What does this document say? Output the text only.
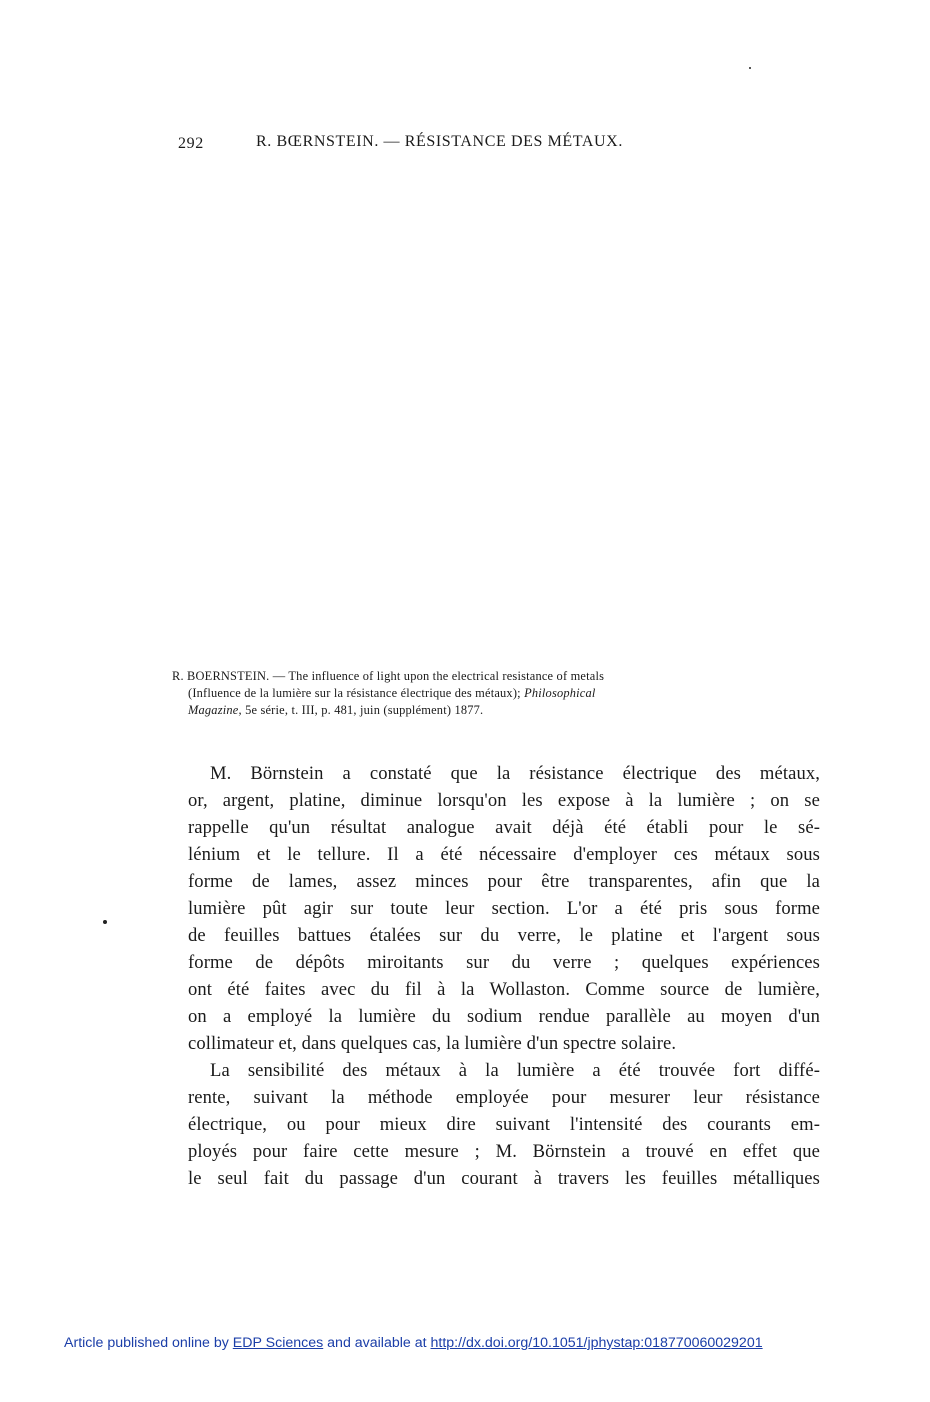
292	R. BŒRNSTEIN. — RÉSISTANCE DES MÉTAUX.
R. BOERNSTEIN. — The influence of light upon the electrical resistance of metals
(Influence de la lumière sur la résistance électrique des métaux); Philosophical
Magazine, 5e série, t. III, p. 481, juin (supplément) 1877.
M. Börnstein a constaté que la résistance électrique des métaux,
or, argent, platine, diminue lorsqu'on les expose à la lumière ; on se
rappelle qu'un résultat analogue avait déjà été établi pour le sé-
lénium et le tellure. Il a été nécessaire d'employer ces métaux sous
forme de lames, assez minces pour être transparentes, afin que la
lumière pût agir sur toute leur section. L'or a été pris sous forme
de feuilles battues étalées sur du verre, le platine et l'argent sous
forme de dépôts miroitants sur du verre ; quelques expériences
ont été faites avec du fil à la Wollaston. Comme source de lumière,
on a employé la lumière du sodium rendue parallèle au moyen d'un
collimateur et, dans quelques cas, la lumière d'un spectre solaire.
La sensibilité des métaux à la lumière a été trouvée fort diffé-
rente, suivant la méthode employée pour mesurer leur résistance
électrique, ou pour mieux dire suivant l'intensité des courants em-
ployés pour faire cette mesure ; M. Börnstein a trouvé en effet que
le seul fait du passage d'un courant à travers les feuilles métalliques
Article published online by EDP Sciences and available at http://dx.doi.org/10.1051/jphystap:018770060029201
